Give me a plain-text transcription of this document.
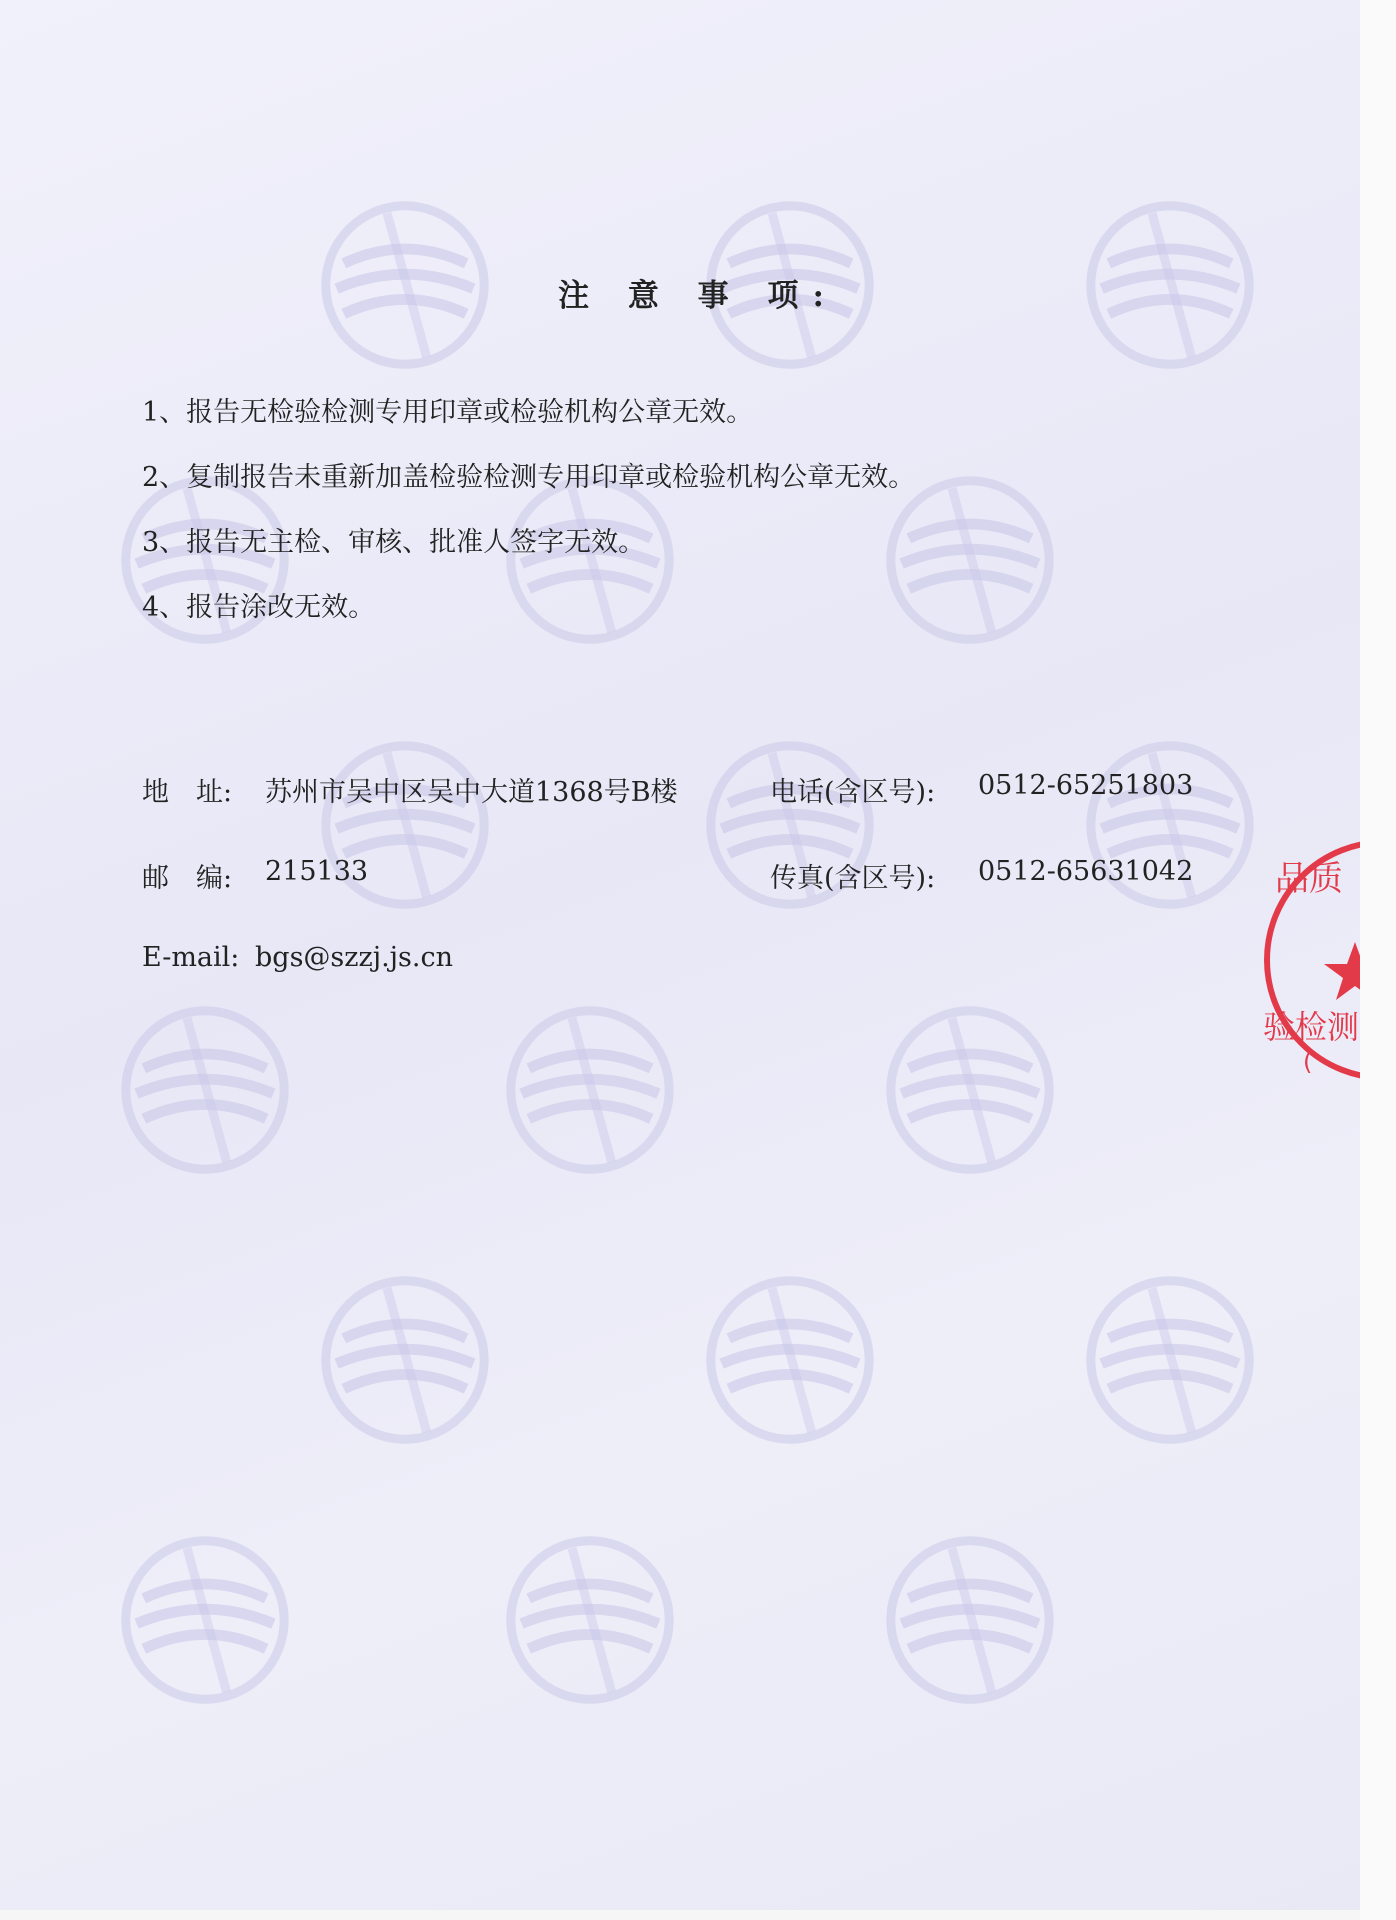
注 意 事 项:
1、报告无检验检测专用印章或检验机构公章无效。
2、复制报告未重新加盖检验检测专用印章或检验机构公章无效。
3、报告无主检、审核、批准人签字无效。
4、报告涂改无效。
地　址: 苏州市吴中区吴中大道1368号B楼	电话(含区号): 0512-65251803
邮　编: 215133	传真(含区号): 0512-65631042
E-mail: bgs@szzj.js.cn
品质
验检测
(
